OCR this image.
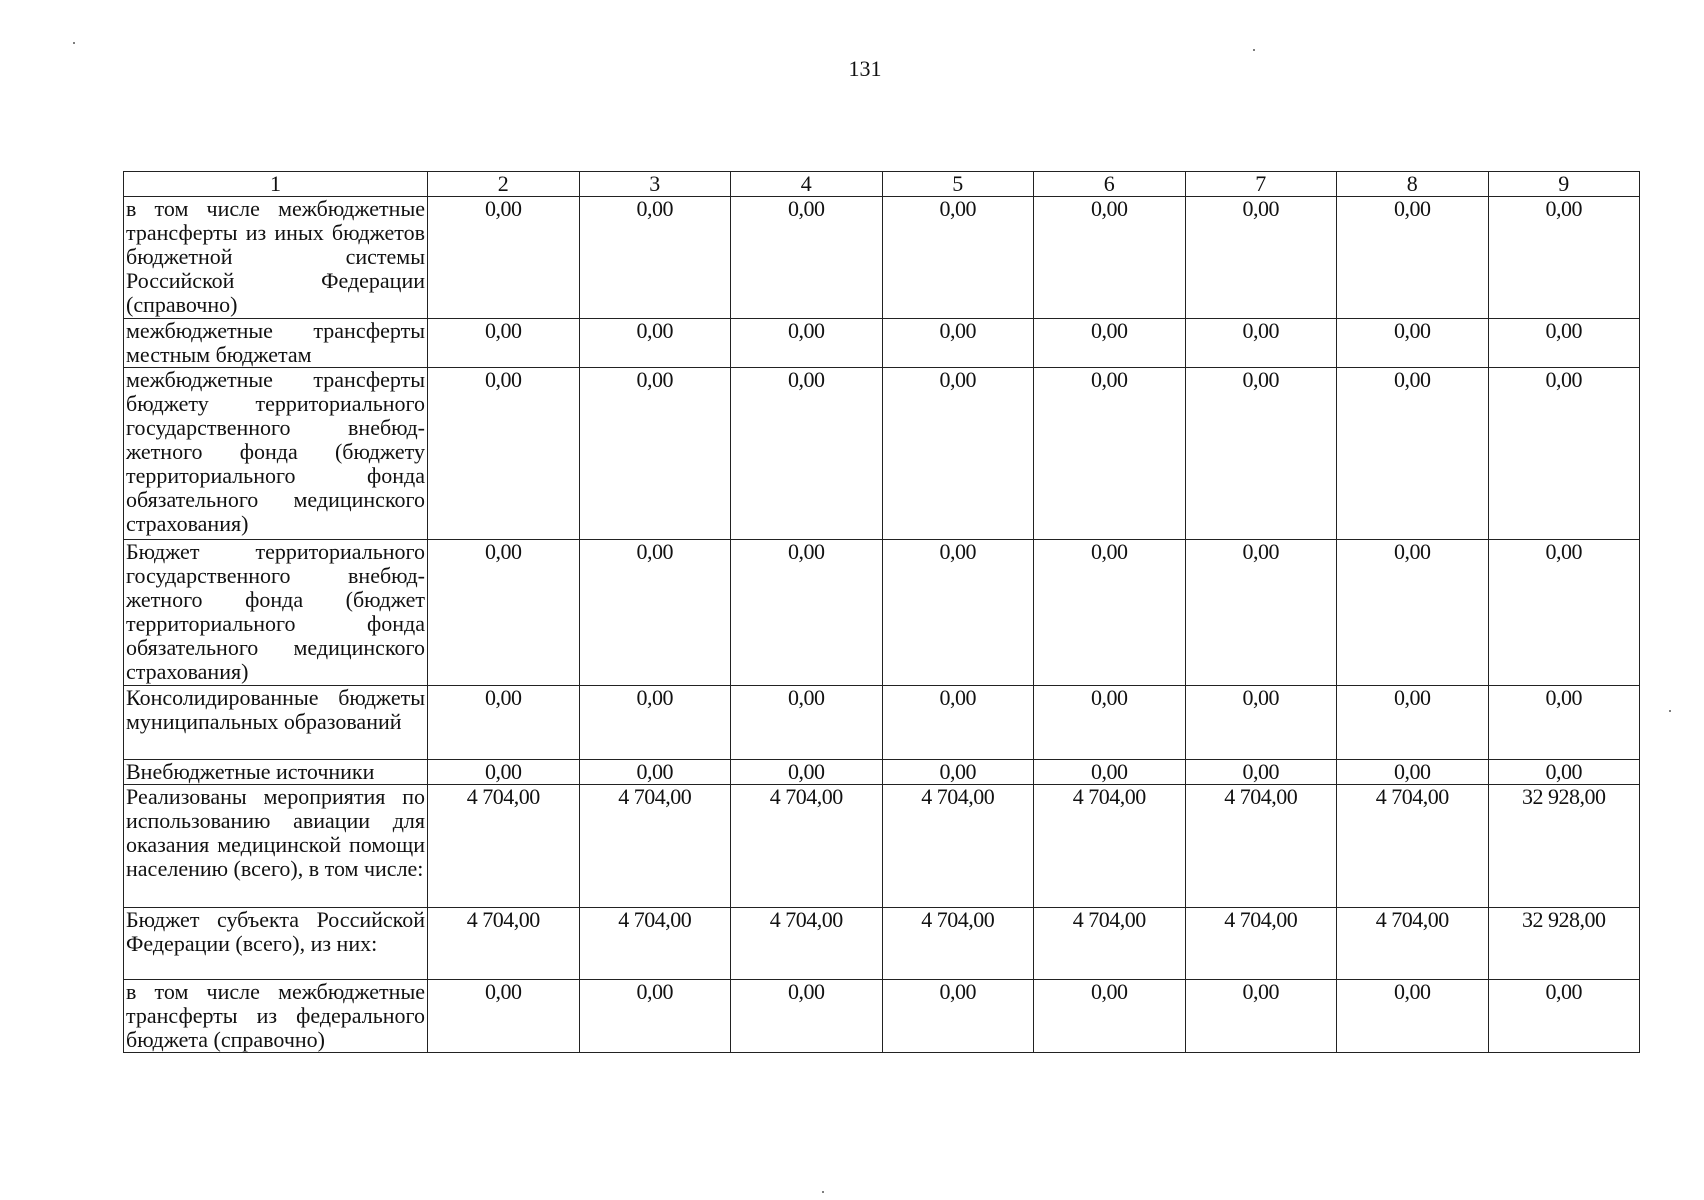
131
1	2	3	4	5	6	7	8	9
в том числе межбюджетные трансферты из иных бюджетов бюджетной системы Российской Федерации (справочно)	0,00	0,00	0,00	0,00	0,00	0,00	0,00	0,00
межбюджетные трансферты местным бюджетам	0,00	0,00	0,00	0,00	0,00	0,00	0,00	0,00
межбюджетные трансферты бюджету территориального государственного внебюджетного фонда (бюджету территориального фонда обязательного медицинского страхования)	0,00	0,00	0,00	0,00	0,00	0,00	0,00	0,00
Бюджет территориального государственного внебюджетного фонда (бюджет территориального фонда обязательного медицинского страхования)	0,00	0,00	0,00	0,00	0,00	0,00	0,00	0,00
Консолидированные бюджеты муниципальных образований	0,00	0,00	0,00	0,00	0,00	0,00	0,00	0,00
Внебюджетные источники	0,00	0,00	0,00	0,00	0,00	0,00	0,00	0,00
Реализованы мероприятия по использованию авиации для оказания медицинской помощи населению (всего), в том числе:	4 704,00	4 704,00	4 704,00	4 704,00	4 704,00	4 704,00	4 704,00	32 928,00
Бюджет субъекта Российской Федерации (всего), из них:	4 704,00	4 704,00	4 704,00	4 704,00	4 704,00	4 704,00	4 704,00	32 928,00
в том числе межбюджетные трансферты из федерального бюджета (справочно)	0,00	0,00	0,00	0,00	0,00	0,00	0,00	0,00
